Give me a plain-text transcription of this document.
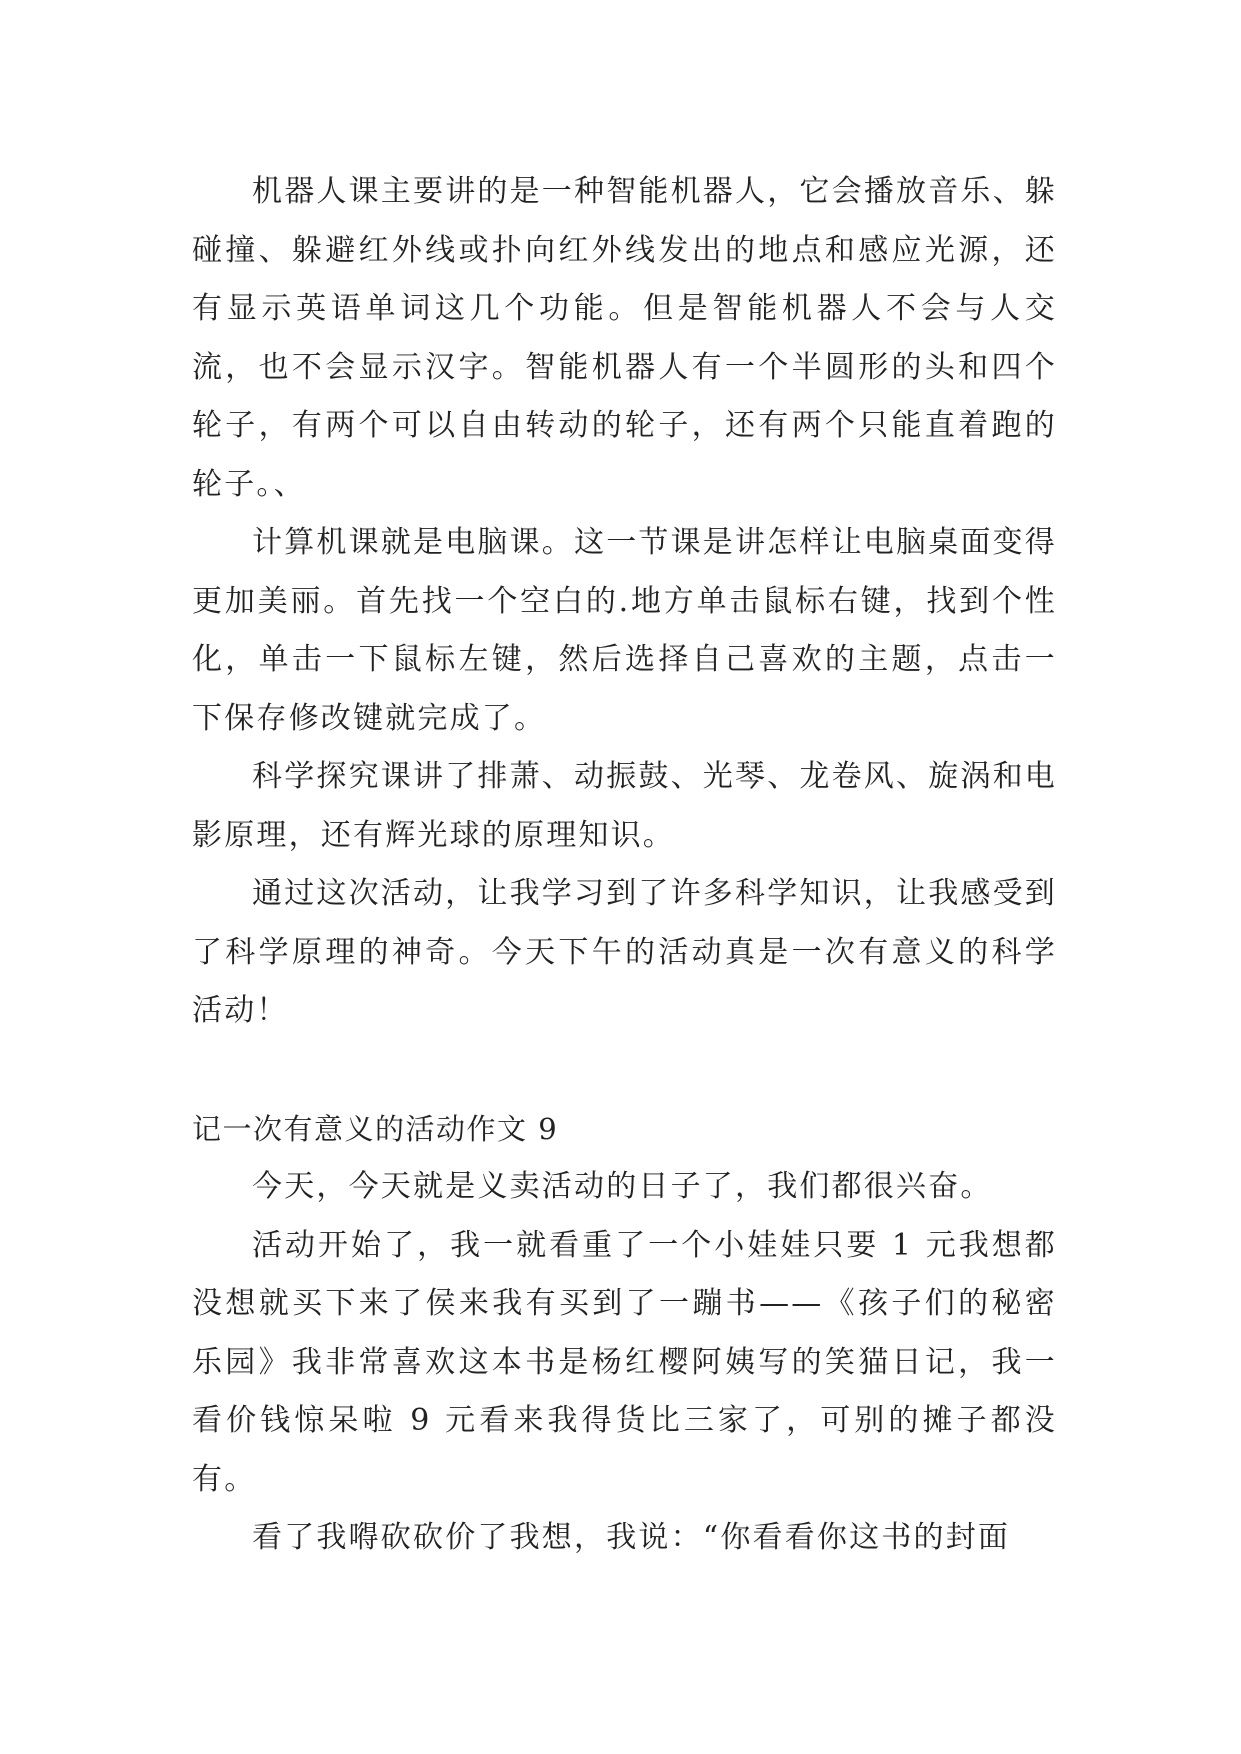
机器人课主要讲的是一种智能机器人，它会播放音乐、躲碰撞、躲避红外线或扑向红外线发出的地点和感应光源，还有显示英语单词这几个功能。但是智能机器人不会与人交流，也不会显示汉字。智能机器人有一个半圆形的头和四个轮子，有两个可以自由转动的轮子，还有两个只能直着跑的轮子。、

计算机课就是电脑课。这一节课是讲怎样让电脑桌面变得更加美丽。首先找一个空白的.地方单击鼠标右键，找到个性化，单击一下鼠标左键，然后选择自己喜欢的主题，点击一下保存修改键就完成了。

科学探究课讲了排萧、动振鼓、光琴、龙卷风、旋涡和电影原理，还有辉光球的原理知识。

通过这次活动，让我学习到了许多科学知识，让我感受到了科学原理的神奇。今天下午的活动真是一次有意义的科学活动！

记一次有意义的活动作文 9

今天，今天就是义卖活动的日子了，我们都很兴奋。

活动开始了，我一就看重了一个小娃娃只要 1 元我想都没想就买下来了侯来我有买到了一蹦书——《孩子们的秘密乐园》我非常喜欢这本书是杨红樱阿姨写的笑猫日记，我一看价钱惊呆啦 9 元看来我得货比三家了，可别的摊子都没有。

看了我嘚砍砍价了我想，我说：“你看看你这书的封面
